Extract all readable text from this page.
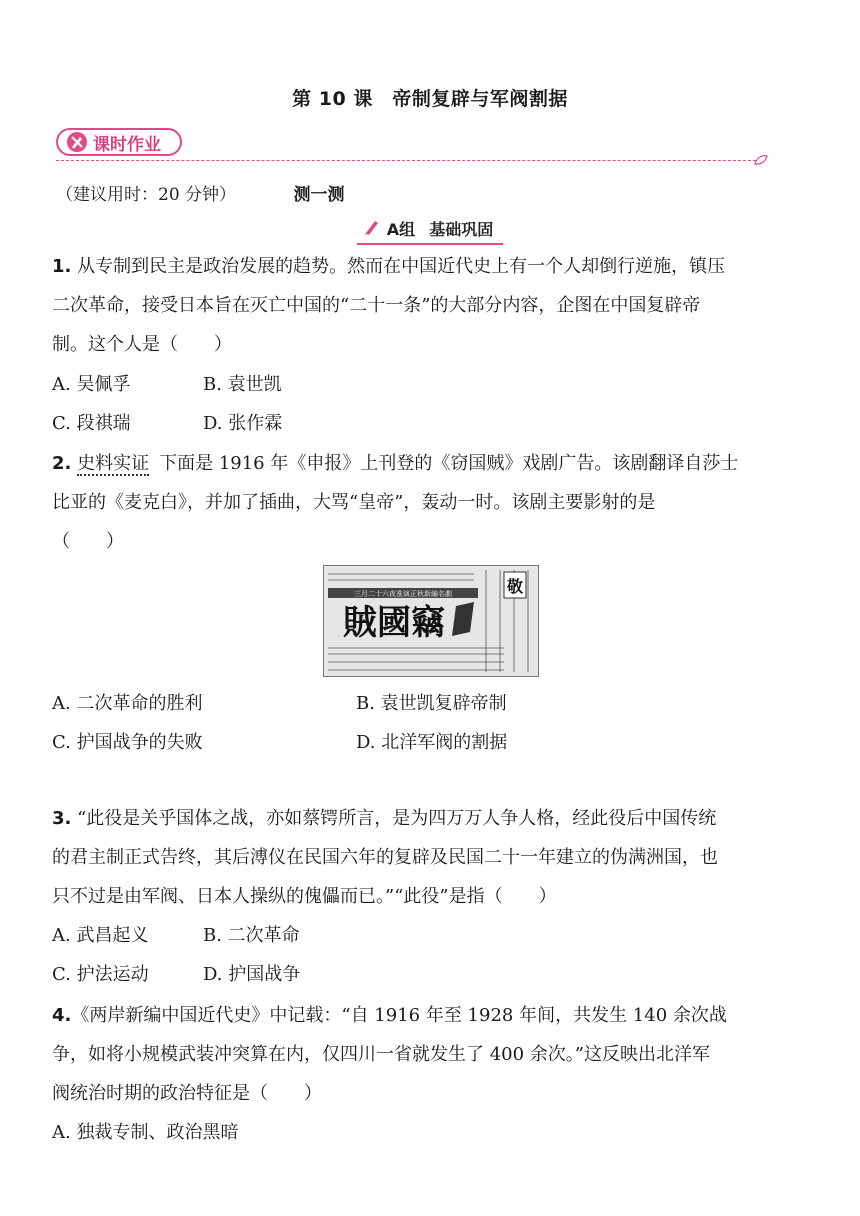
第 10 课　帝制复辟与军阀割据
课时作业
（建议用时：20 分钟）	测一测
A组 基础巩固
1. 从专制到民主是政治发展的趋势。然而在中国近代史上有一个人却倒行逆施，镇压
二次革命，接受日本旨在灭亡中国的“二十一条”的大部分内容，企图在中国复辟帝
制。这个人是（　　）
A. 吴佩孚	B. 袁世凯
C. 段祺瑞	D. 张作霖
2. 史料实证 下面是 1916 年《申报》上刊登的《窃国贼》戏剧广告。该剧翻译自莎士
比亚的《麦克白》，并加了插曲，大骂“皇帝”，轰动一时。该剧主要影射的是
（　　）
三月二十六夜准演正秋新編名劇
賊國竊
敬
A. 二次革命的胜利	B. 袁世凯复辟帝制
C. 护国战争的失败	D. 北洋军阀的割据
3. “此役是关乎国体之战，亦如蔡锷所言，是为四万万人争人格，经此役后中国传统
的君主制正式告终，其后溥仪在民国六年的复辟及民国二十一年建立的伪满洲国，也
只不过是由军阀、日本人操纵的傀儡而已。”“此役”是指（　　）
A. 武昌起义	B. 二次革命
C. 护法运动	D. 护国战争
4.《两岸新编中国近代史》中记载：“自 1916 年至 1928 年间，共发生 140 余次战
争，如将小规模武装冲突算在内，仅四川一省就发生了 400 余次。”这反映出北洋军
阀统治时期的政治特征是（　　）
A. 独裁专制、政治黑暗
